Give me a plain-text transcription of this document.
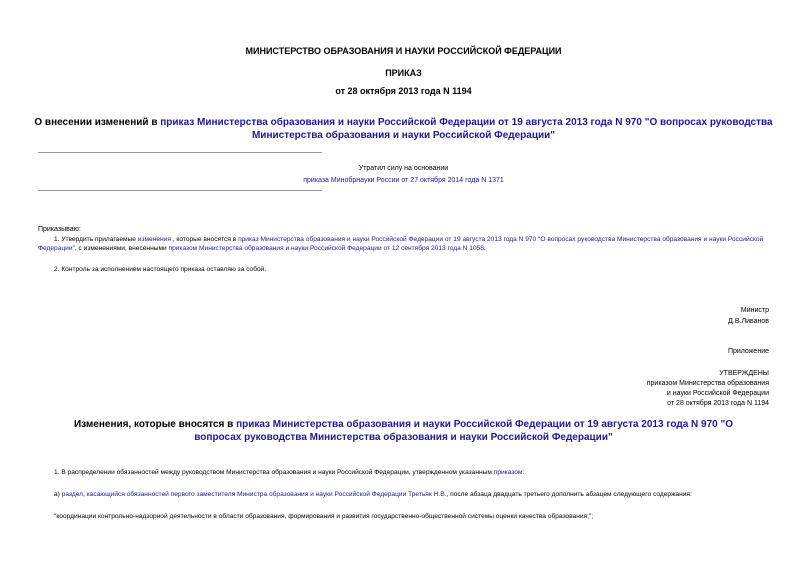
МИНИСТЕРСТВО ОБРАЗОВАНИЯ И НАУКИ РОССИЙСКОЙ ФЕДЕРАЦИИ
ПРИКАЗ
от 28 октября 2013 года N 1194
О внесении изменений в приказ Министерства образования и науки Российской Федерации от 19 августа 2013 года N 970 "О вопросах руководства Министерства образования и науки Российской Федерации"
Утратил силу на основании
приказа Минобрнауки России от 27 октября 2014 года N 1371
Приказываю:
1. Утвердить прилагаемые изменения , которые вносятся в приказ Министерства образования и науки Российской Федерации от 19 августа 2013 года N 970 "О вопросах руководства Министерства образования и науки Российской Федерации", с изменениями, внесенными приказом Министерства образования и науки Российской Федерации от 12 сентября 2013 года N 1058.
2. Контроль за исполнением настоящего приказа оставляю за собой.
Министр
Д.В.Ливанов
Приложение
УТВЕРЖДЕНЫ
приказом Министерства образования
и науки Российской Федерации
от 28 октября 2013 года N 1194
Изменения, которые вносятся в приказ Министерства образования и науки Российской Федерации от 19 августа 2013 года N 970 "О вопросах руководства Министерства образования и науки Российской Федерации"
1. В распределении обязанностей между руководством Министерства образования и науки Российской Федерации, утвержденном указанным приказом:
а) раздел, касающийся обязанностей первого заместителя Министра образования и науки Российской Федерации Третьяк Н.В., после абзаца двадцать третьего дополнить абзацем следующего содержания:
"координации контрольно-надзорной деятельности в области образования, формирования и развития государственно-общественной системы оценки качества образования;";
